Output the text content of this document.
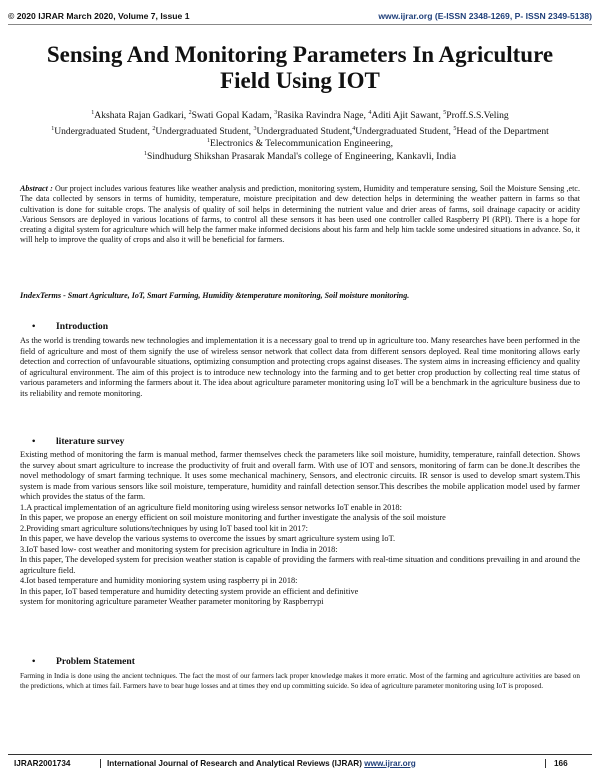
© 2020 IJRAR March 2020, Volume 7, Issue 1	www.ijrar.org (E-ISSN 2348-1269, P- ISSN 2349-5138)
Sensing And Monitoring Parameters In Agriculture Field Using IOT

$^1$Akshata Rajan Gadkari, $^2$Swati Gopal Kadam, $^3$Rasika Ravindra Nage, $^4$Aditi Ajit Sawant, $^5$Proff.S.S.Veling

$^1$Undergraduated Student, $^2$Undergraduated Student, $^3$Undergraduated Student,$^4$Undergraduated Student, $^5$Head of the Department

$^1$Electronics & Telecommunication Engineering,

$^1$Sindhudurg Shikshan Prasarak Mandal's college of Engineering, Kankavli, India

Abstract : Our project includes various features like weather analysis and prediction, monitoring system, Humidity and temperature sensing, Soil the Moisture Sensing ,etc. The data collected by sensors in terms of humidity, temperature, moisture precipitation and dew detection helps in determining the weather pattern in farms so that cultivation is done for suitable crops. The analysis of quality of soil helps in determining the nutrient value and drier areas of farms, soil drainage capacity or acidity .Various Sensors are deployed in various locations of farms, to control all these sensors it has been used one controller called Raspberry PI (RPI). There is a hope for creating a digital system for agriculture which will help the farmer make informed decisions about his farm and help him tackle some undesired situations in advance. So, it will help to improve the quality of crops and also it will be beneficial for farmers.
IndexTerms - Smart Agriculture, IoT, Smart Farming, Humidity &temperature monitoring, Soil moisture monitoring.
• Introduction
As the world is trending towards new technologies and implementation it is a necessary goal to trend up in agriculture too. Many researches have been performed in the field of agriculture and most of them signify the use of wireless sensor network that collect data from different sensors deployed. Real time monitoring allows early detection and correction of unfavourable situations, optimizing consumption and protecting crops against diseases. The system aims in increasing efficiency and quality of agricultural environment. The aim of this project is to introduce new technology into the farming and to get better crop production by collecting real time status of various parameters and informing the farmers about it. The idea about agriculture parameter monitoring using IoT will be a benchmark in the agriculture business due to its reliability and remote monitoring.
• literature survey

Existing method of monitoring the farm is manual method, farmer themselves check the parameters like soil moisture, humidity, temperature, rainfall detection. Shows the survey about smart agriculture to increase the productivity of fruit and overall farm. With use of IOT and sensors, monitoring of farm can be done.It describes the novel methodology of smart farming technique. It uses some mechanical machinery, Sensors, and electronic circuits. IR sensor is used to develop smart system.This system is made from various sensors like soil moisture, temperature, humidity and rainfall detection sensor.This describes the mobile application model used by farmer which provides the status of the farm.

1.A practical implementation of an agriculture field monitoring using wireless sensor networks IoT enable in 2018:

In this paper, we propose an energy efficient on soil moisture monitoring and further investigate the analysis of the soil moisture

2.Providing smart agriculture solutions/techniques by using IoT based tool kit in 2017:

In this paper, we have develop the various systems to overcome the issues by smart agriculture system using IoT.

3.IoT based low- cost weather and monitoring system for precision agriculture in India in 2018:

In this paper, The developed system for precision weather station is capable of providing the farmers with real-time situation and conditions prevailing in and around the agriculture field.

4.Iot based temperature and humidity monioring system using raspberry pi in 2018:

In this paper, IoT based temperature and humidity detecting system provide an efficient and definitive

system for monitoring agriculture parameter Weather parameter monitoring by Raspberrypi

• Problem Statement
Farming in India is done using the ancient techniques. The fact the most of our farmers lack proper knowledge makes it more erratic. Most of the farming and agriculture activities are based on the predictions, which at times fail. Farmers have to bear huge losses and at times they end up committing suicide. So idea of agriculture parameter monitoring using IoT is proposed.
IJRAR2001734	International Journal of Research and Analytical Reviews (IJRAR) www.ijrar.org	166
